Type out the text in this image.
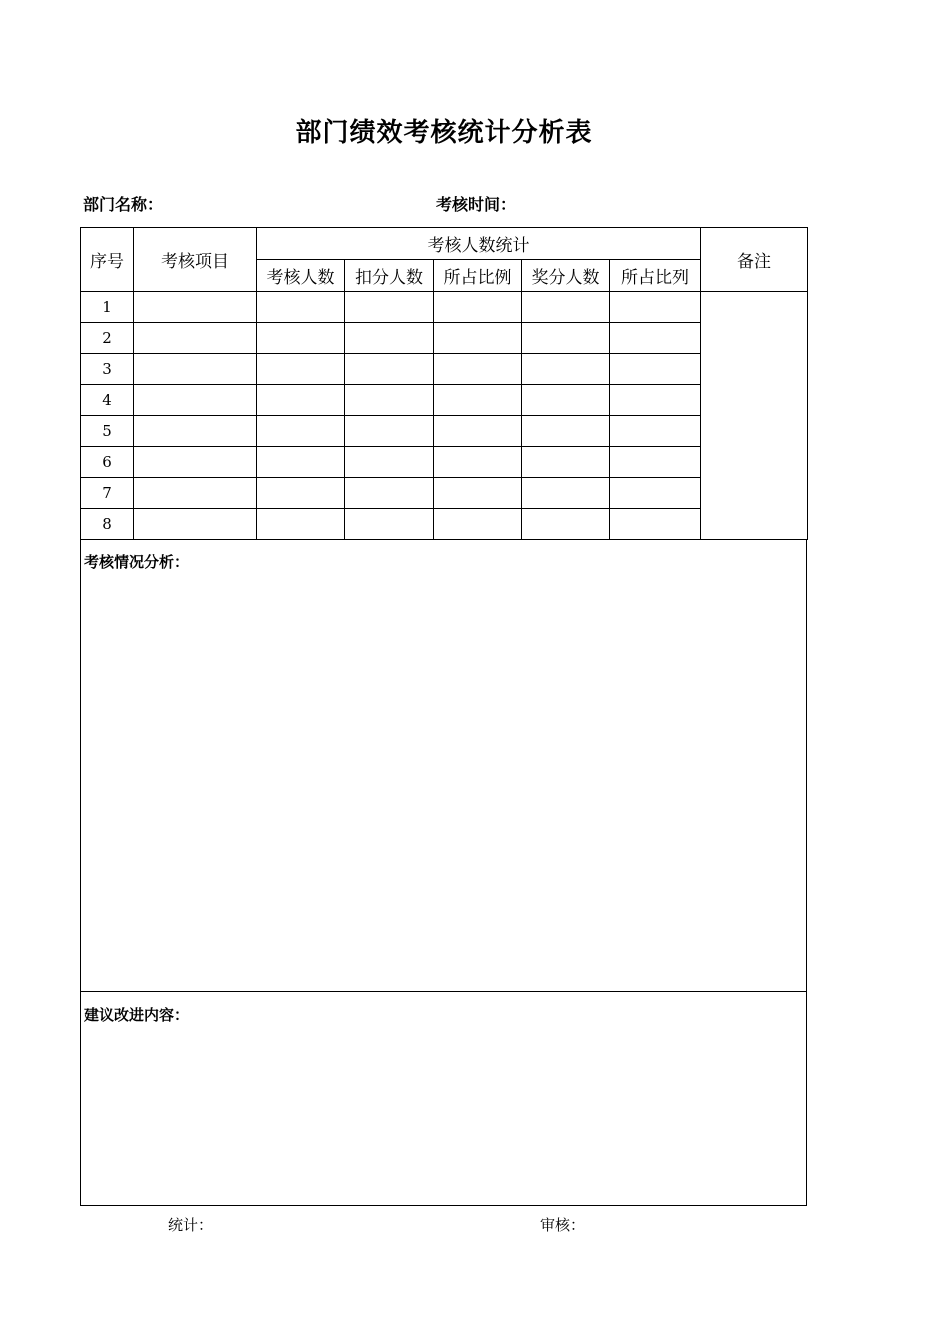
部门绩效考核统计分析表
部门名称：	考核时间：
序号	考核项目	考核人数统计					备注
		考核人数	扣分人数	所占比例	奖分人数	所占比列	
1							
2							
3							
4							
5							
6							
7							
8							
考核情况分析：
建议改进内容：
统计：	审核：
